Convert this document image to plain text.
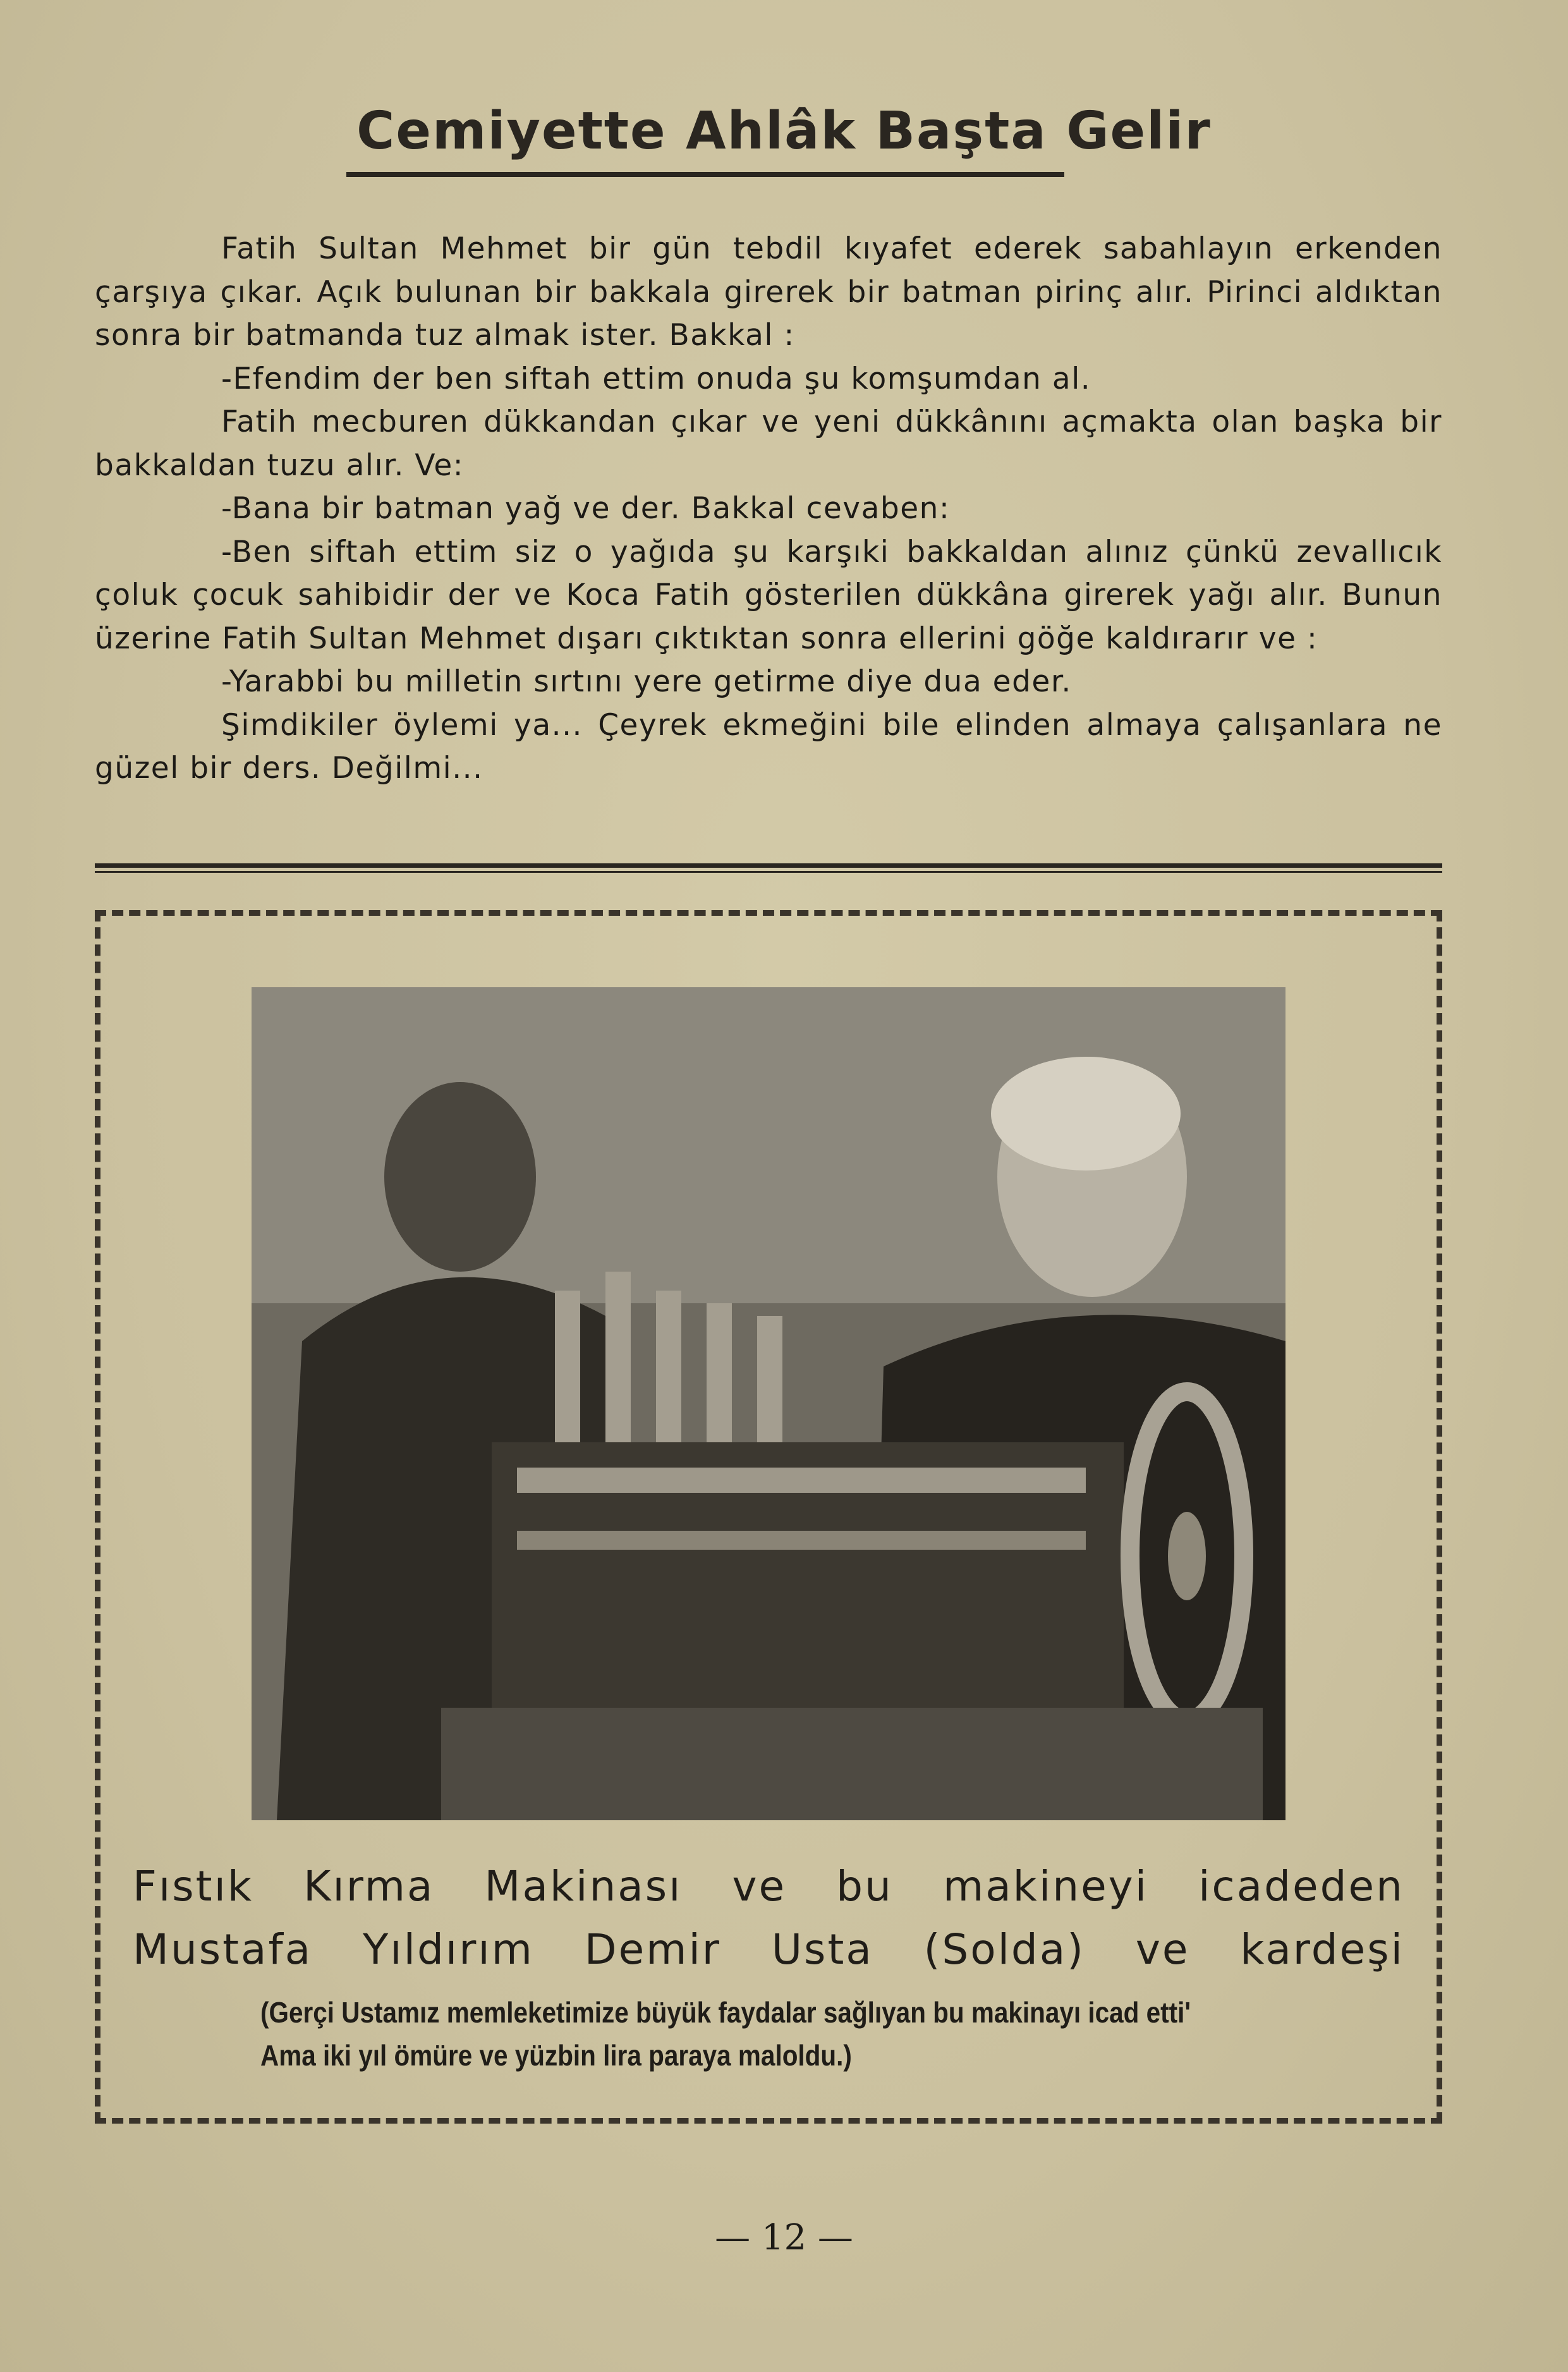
Cemiyette Ahlâk Başta Gelir

Fatih Sultan Mehmet bir gün tebdil kıyafet ederek sabahlayın erkenden çarşıya çıkar. Açık bulunan bir bakkala girerek bir batman pirinç alır. Pirinci aldıktan sonra bir batmanda tuz almak ister. Bakkal :

-Efendim der ben siftah ettim onuda şu komşumdan al.

Fatih mecburen dükkandan çıkar ve yeni dükkânını açmakta olan başka bir bakkaldan tuzu alır. Ve:

-Bana bir batman yağ ve der. Bakkal cevaben:

-Ben siftah ettim siz o yağıda şu karşıki bakkaldan alınız çünkü zevallıcık çoluk çocuk sahibidir der ve Koca Fatih gösterilen dükkâna girerek yağı alır. Bunun üzerine Fatih Sultan Mehmet dışarı çıktıktan sonra ellerini göğe kaldırarır ve :

-Yarabbi bu milletin sırtını yere getirme diye dua eder.

Şimdikiler öylemi ya... Çeyrek ekmeğini bile elinden almaya çalışanlara ne güzel bir ders. Değilmi...

Fıstık Kırma Makinası ve bu makineyi icadeden

Mustafa Yıldırım Demir Usta (Solda) ve kardeşi

(Gerçi Ustamız memleketimize büyük faydalar sağlıyan bu makinayı icad etti'

Ama iki yıl ömüre ve yüzbin lira paraya maloldu.)

— 12 —
